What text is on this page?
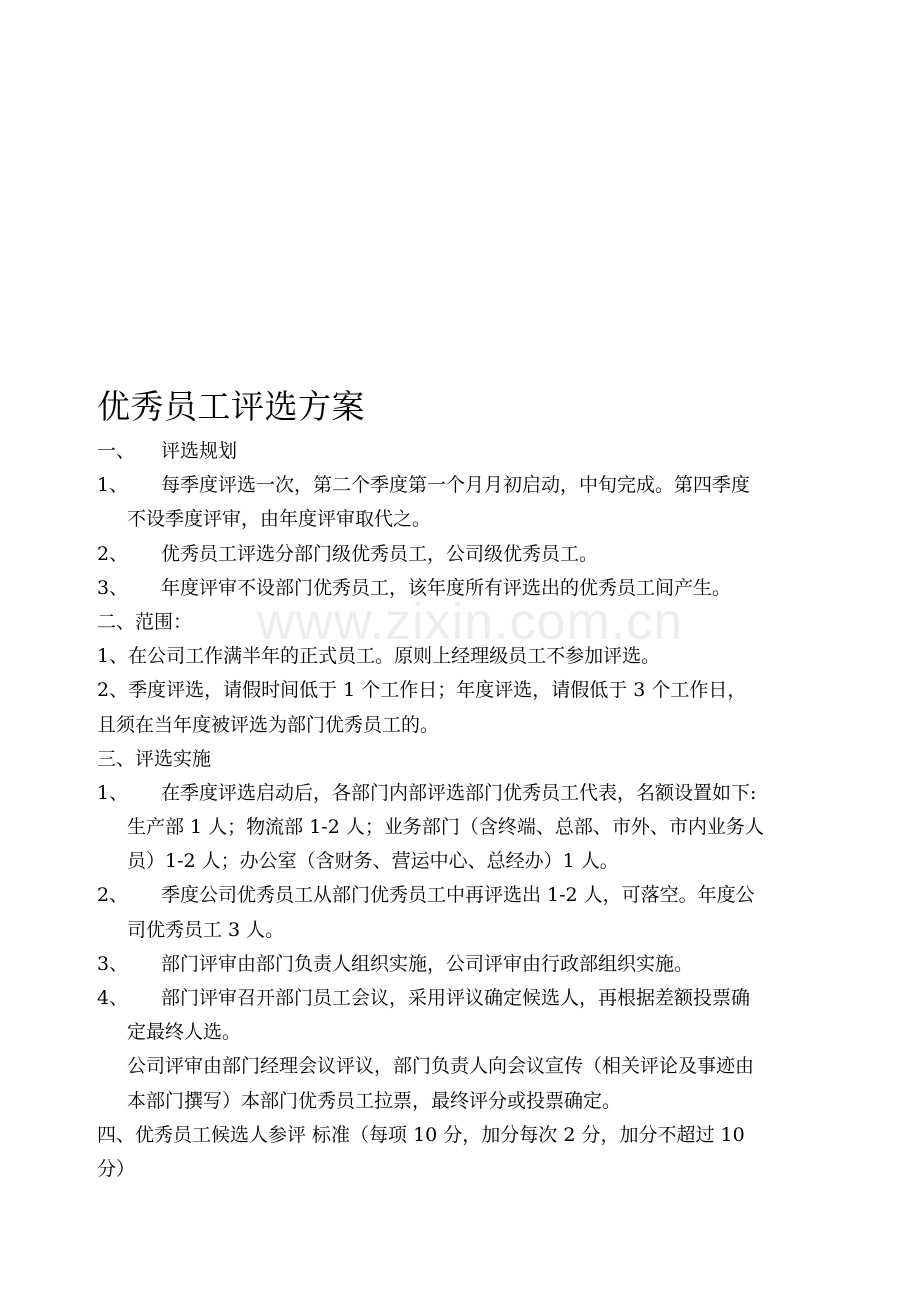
www.zixin.com.cn
优秀员工评选方案
一、 评选规划
1、 每季度评选一次，第二个季度第一个月月初启动，中旬完成。第四季度
不设季度评审，由年度评审取代之。
2、 优秀员工评选分部门级优秀员工，公司级优秀员工。
3、 年度评审不设部门优秀员工，该年度所有评选出的优秀员工间产生。
二、范围：
1、在公司工作满半年的正式员工。原则上经理级员工不参加评选。
2、季度评选，请假时间低于 1 个工作日；年度评选，请假低于 3 个工作日，
且须在当年度被评选为部门优秀员工的。
三、评选实施
1、 在季度评选启动后，各部门内部评选部门优秀员工代表，名额设置如下:
生产部 1 人；物流部 1-2 人；业务部门（含终端、总部、市外、市内业务人
员）1-2 人；办公室（含财务、营运中心、总经办）1 人。
2、 季度公司优秀员工从部门优秀员工中再评选出 1-2 人，可落空。年度公
司优秀员工 3 人。
3、 部门评审由部门负责人组织实施，公司评审由行政部组织实施。
4、 部门评审召开部门员工会议，采用评议确定候选人，再根据差额投票确
定最终人选。
公司评审由部门经理会议评议，部门负责人向会议宣传（相关评论及事迹由
本部门撰写）本部门优秀员工拉票，最终评分或投票确定。
四、优秀员工候选人参评 标准（每项 10 分，加分每次 2 分，加分不超过 10
分）
